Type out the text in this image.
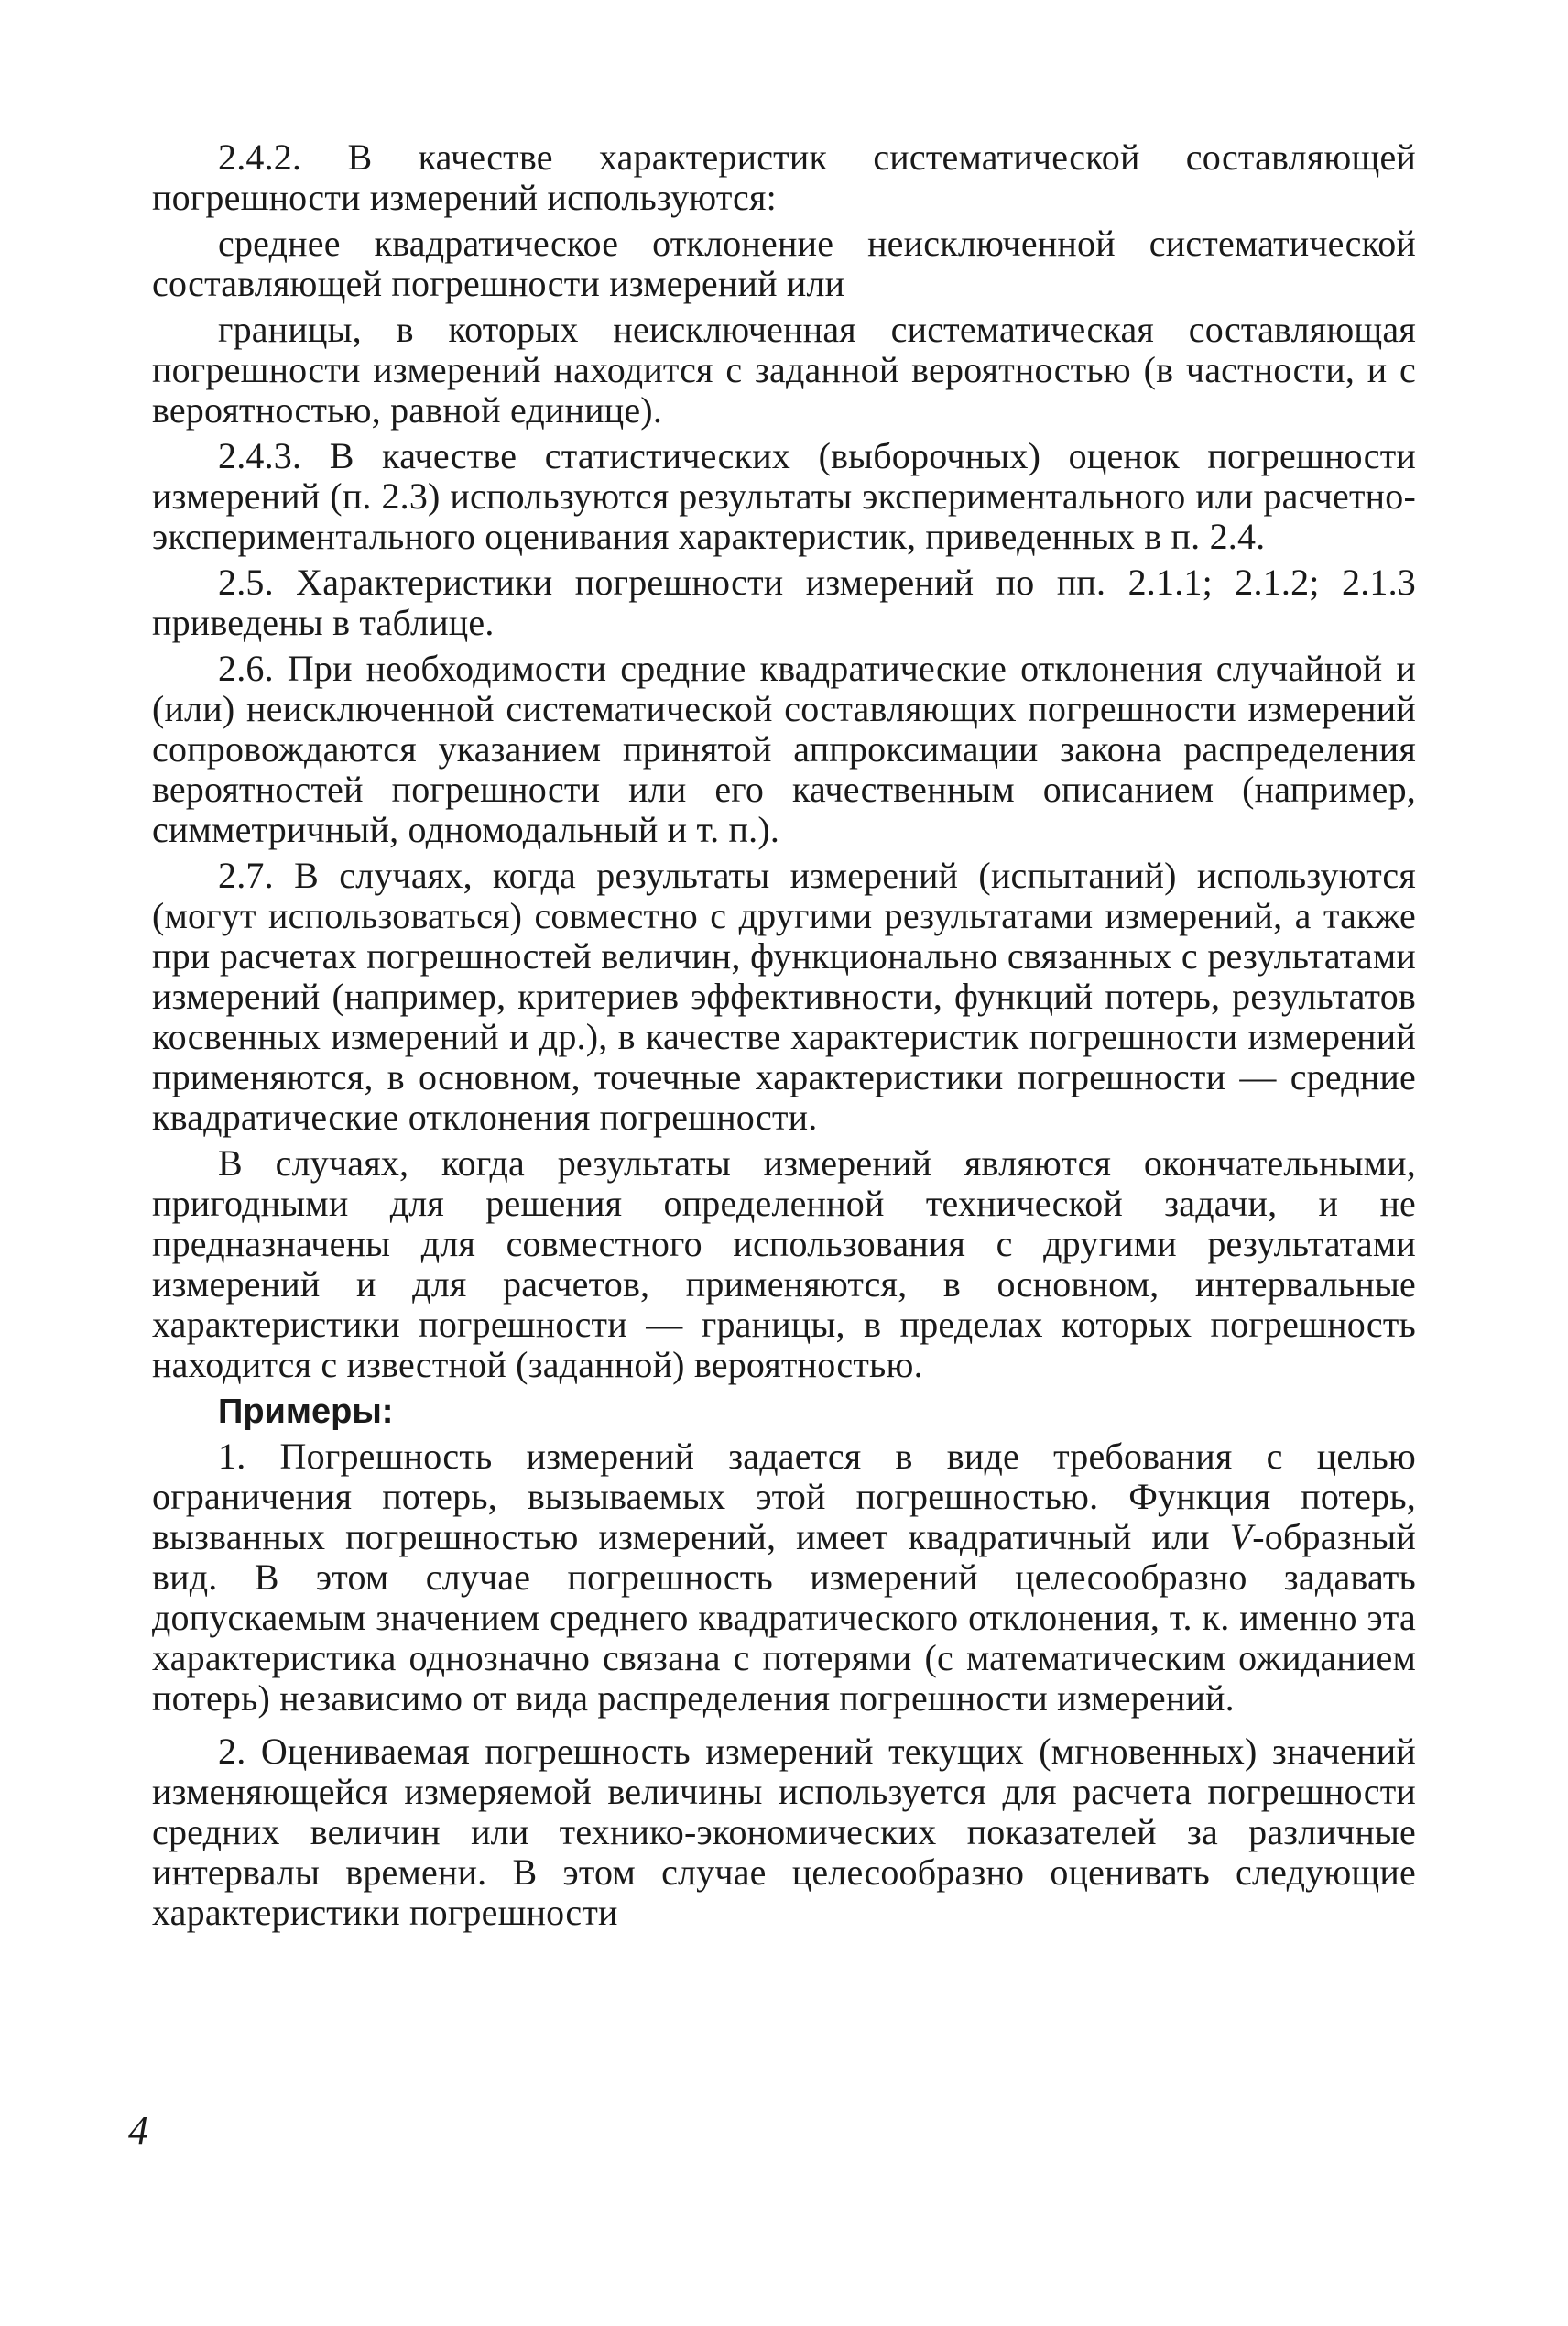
2.4.2. В качестве характеристик систематической составляющей погрешности измерений используются:

среднее квадратическое отклонение неисключенной систематической составляющей погрешности измерений или

границы, в которых неисключенная систематическая составляющая погрешности измерений находится с заданной вероятностью (в частности, и с вероятностью, равной единице).

2.4.3. В качестве статистических (выборочных) оценок погрешности измерений (п. 2.3) используются результаты экспериментального или расчетно-экспериментального оценивания характеристик, приведенных в п. 2.4.

2.5. Характеристики погрешности измерений по пп. 2.1.1; 2.1.2; 2.1.3 приведены в таблице.

2.6. При необходимости средние квадратические отклонения случайной и (или) неисключенной систематической составляющих погрешности измерений сопровождаются указанием принятой аппроксимации закона распределения вероятностей погрешности или его качественным описанием (например, симметричный, одномодальный и т. п.).

2.7. В случаях, когда результаты измерений (испытаний) используются (могут использоваться) совместно с другими результатами измерений, а также при расчетах погрешностей величин, функционально связанных с результатами измерений (например, критериев эффективности, функций потерь, результатов косвенных измерений и др.), в качестве характеристик погрешности измерений применяются, в основном, точечные характеристики погрешности — средние квадратические отклонения погрешности.

В случаях, когда результаты измерений являются окончательными, пригодными для решения определенной технической задачи, и не предназначены для совместного использования с другими результатами измерений и для расчетов, применяются, в основном, интервальные характеристики погрешности — границы, в пределах которых погрешность находится с известной (заданной) вероятностью.

Примеры:

1. Погрешность измерений задается в виде требования с целью ограничения потерь, вызываемых этой погрешностью. Функция потерь, вызванных погрешностью измерений, имеет квадратичный или V-образный вид. В этом случае погрешность измерений целесообразно задавать допускаемым значением среднего квадратического отклонения, т. к. именно эта характеристика однозначно связана с потерями (с математическим ожиданием потерь) независимо от вида распределения погрешности измерений.

2. Оцениваемая погрешность измерений текущих (мгновенных) значений изменяющейся измеряемой величины используется для расчета погрешности средних величин или технико-экономических показателей за различные интервалы времени. В этом случае целесообразно оценивать следующие характеристики погрешности

4
